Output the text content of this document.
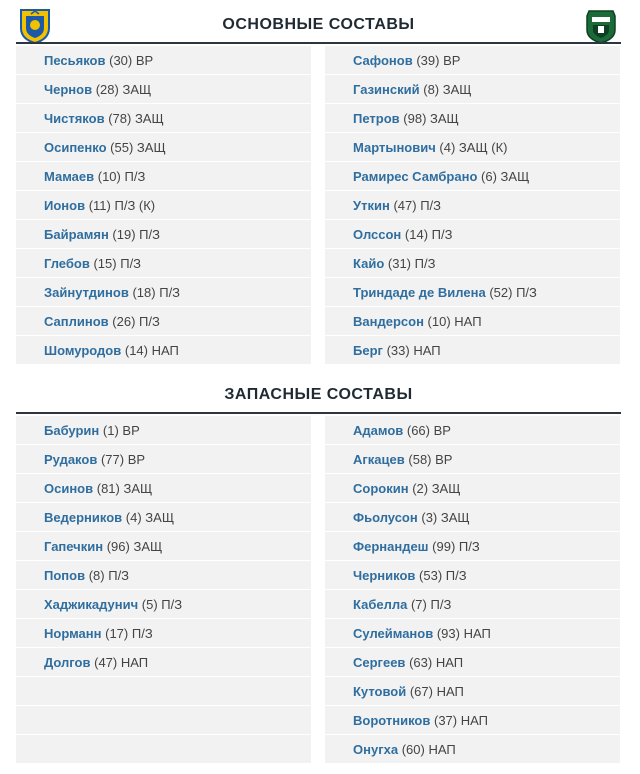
ОСНОВНЫЕ СОСТАВЫ
Песьяков (30) ВР
Чернов (28) ЗАЩ
Чистяков (78) ЗАЩ
Осипенко (55) ЗАЩ
Мамаев (10) П/З
Ионов (11) П/З (К)
Байрамян (19) П/З
Глебов (15) П/З
Зайнутдинов (18) П/З
Саплинов (26) П/З
Шомуродов (14) НАП
Сафонов (39) ВР
Газинский (8) ЗАЩ
Петров (98) ЗАЩ
Мартынович (4) ЗАЩ (К)
Рамирес Самбрано (6) ЗАЩ
Уткин (47) П/З
Олссон (14) П/З
Кайо (31) П/З
Триндаде де Вилена (52) П/З
Вандерсон (10) НАП
Берг (33) НАП
ЗАПАСНЫЕ СОСТАВЫ
Бабурин (1) ВР
Рудаков (77) ВР
Осинов (81) ЗАЩ
Ведерников (4) ЗАЩ
Гапечкин (96) ЗАЩ
Попов (8) П/З
Хаджикадунич (5) П/З
Норманн (17) П/З
Долгов (47) НАП
Адамов (66) ВР
Агкацев (58) ВР
Сорокин (2) ЗАЩ
Фьолусон (3) ЗАЩ
Фернандеш (99) П/З
Черников (53) П/З
Кабелла (7) П/З
Сулейманов (93) НАП
Сергеев (63) НАП
Кутовой (67) НАП
Воротников (37) НАП
Онугха (60) НАП
